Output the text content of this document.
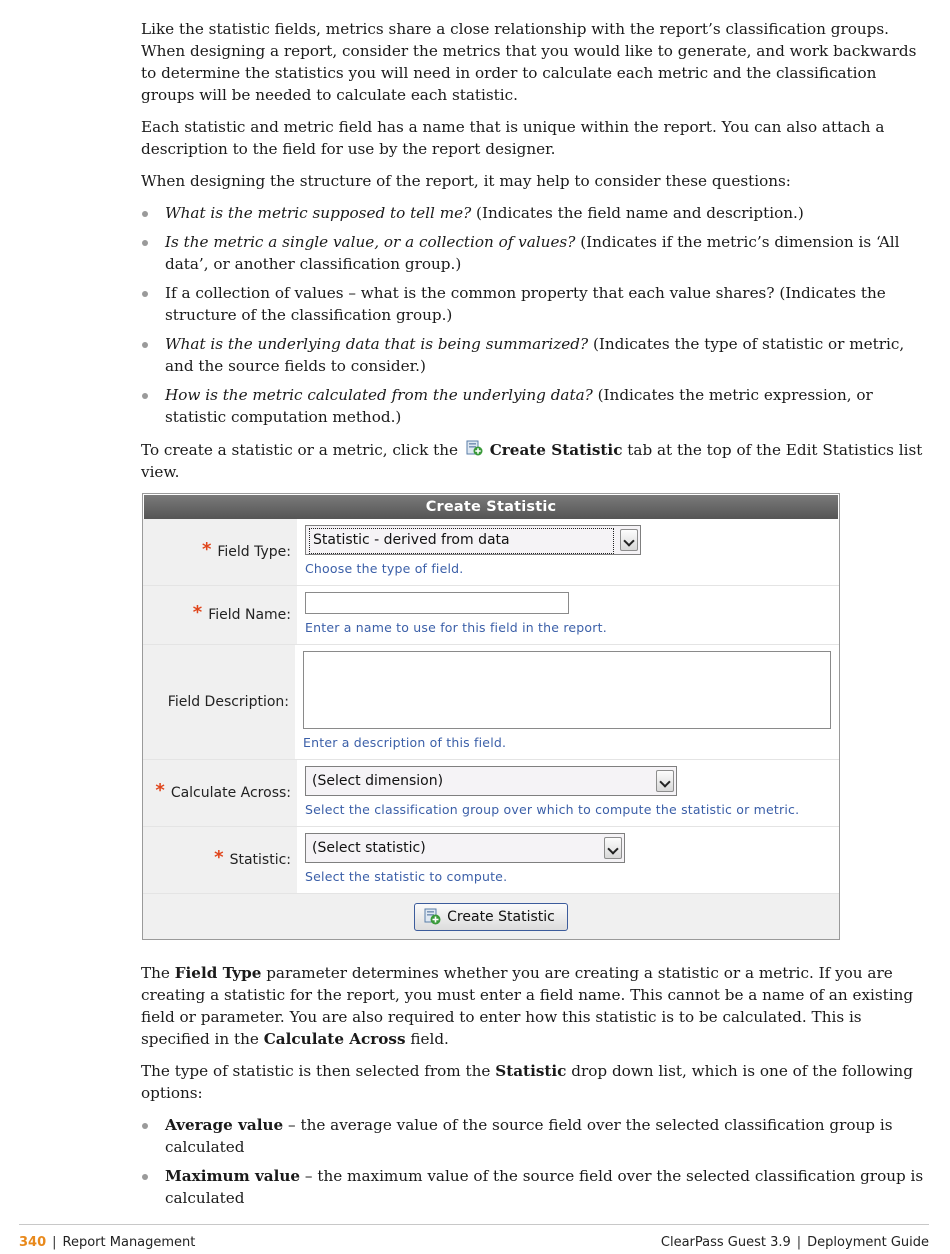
Like the statistic fields, metrics share a close relationship with the report’s classification groups. When designing a report, consider the metrics that you would like to generate, and work backwards to determine the statistics you will need in order to calculate each metric and the classification groups will be needed to calculate each statistic.

Each statistic and metric field has a name that is unique within the report. You can also attach a description to the field for use by the report designer.

When designing the structure of the report, it may help to consider these questions:

What is the metric supposed to tell me? (Indicates the field name and description.)
Is the metric a single value, or a collection of values? (Indicates if the metric’s dimension is ‘All data’, or another classification group.)
If a collection of values – what is the common property that each value shares? (Indicates the structure of the classification group.)
What is the underlying data that is being summarized? (Indicates the type of statistic or metric, and the source fields to consider.)
How is the metric calculated from the underlying data? (Indicates the metric expression, or statistic computation method.)

To create a statistic or a metric, click the  Create Statistic tab at the top of the Edit Statistics list view.

Create Statistic
* Field Type:
Statistic - derived from data
Choose the type of field.
* Field Name:
Enter a name to use for this field in the report.
Field Description:
Enter a description of this field.
* Calculate Across:
(Select dimension)
Select the classification group over which to compute the statistic or metric.
* Statistic:
(Select statistic)
Select the statistic to compute.
Create Statistic

The Field Type parameter determines whether you are creating a statistic or a metric. If you are creating a statistic for the report, you must enter a field name. This cannot be a name of an existing field or parameter. You are also required to enter how this statistic is to be calculated. This is specified in the Calculate Across field.

The type of statistic is then selected from the Statistic drop down list, which is one of the following options:

Average value – the average value of the source field over the selected classification group is calculated
Maximum value – the maximum value of the source field over the selected classification group is calculated
340 | Report Management	ClearPass Guest 3.9 | Deployment Guide
